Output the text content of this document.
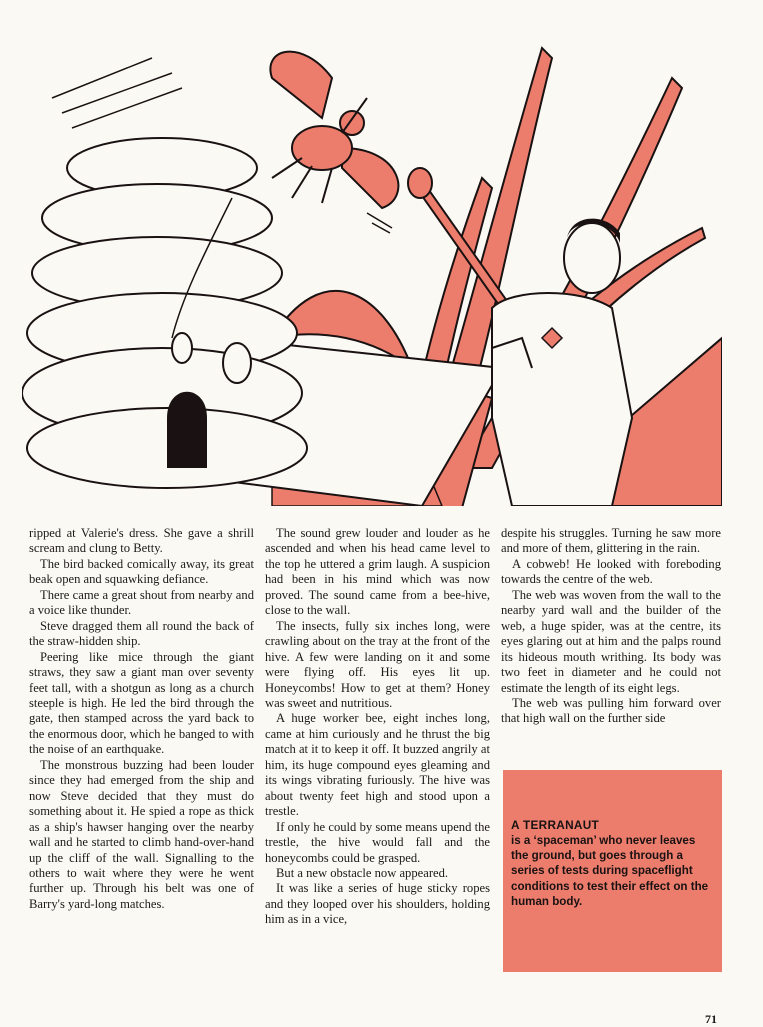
ripped at Valerie's dress. She gave a shrill scream and clung to Betty.

The bird backed comically away, its great beak open and squawking defiance.

There came a great shout from nearby and a voice like thunder.

Steve dragged them all round the back of the straw-hidden ship.

Peering like mice through the giant straws, they saw a giant man over seventy feet tall, with a shotgun as long as a church steeple is high. He led the bird through the gate, then stamped across the yard back to the enormous door, which he banged to with the noise of an earthquake.

The monstrous buzzing had been louder since they had emerged from the ship and now Steve decided that they must do something about it. He spied a rope as thick as a ship's hawser hanging over the nearby wall and he started to climb hand-over-hand up the cliff of the wall. Signalling to the others to wait where they were he went further up. Through his belt was one of Barry's yard-long matches.

The sound grew louder and louder as he ascended and when his head came level to the top he uttered a grim laugh. A suspicion had been in his mind which was now proved. The sound came from a bee-hive, close to the wall.

The insects, fully six inches long, were crawling about on the tray at the front of the hive. A few were landing on it and some were flying off. His eyes lit up. Honeycombs! How to get at them? Honey was sweet and nutritious.

A huge worker bee, eight inches long, came at him curiously and he thrust the big match at it to keep it off. It buzzed angrily at him, its huge compound eyes gleaming and its wings vibrating furiously. The hive was about twenty feet high and stood upon a trestle.

If only he could by some means upend the trestle, the hive would fall and the honeycombs could be grasped.

But a new obstacle now appeared.

It was like a series of huge sticky ropes and they looped over his shoulders, holding him as in a vice,

despite his struggles. Turning he saw more and more of them, glittering in the rain.

A cobweb! He looked with foreboding towards the centre of the web.

The web was woven from the wall to the nearby yard wall and the builder of the web, a huge spider, was at the centre, its eyes glaring out at him and the palps round its hideous mouth writhing. Its body was two feet in diameter and he could not estimate the length of its eight legs.

The web was pulling him forward over that high wall on the further side

A TERRANAUT
is a ‘spaceman’ who never leaves the ground, but goes through a series of tests during spaceflight conditions to test their effect on the human body.
71
